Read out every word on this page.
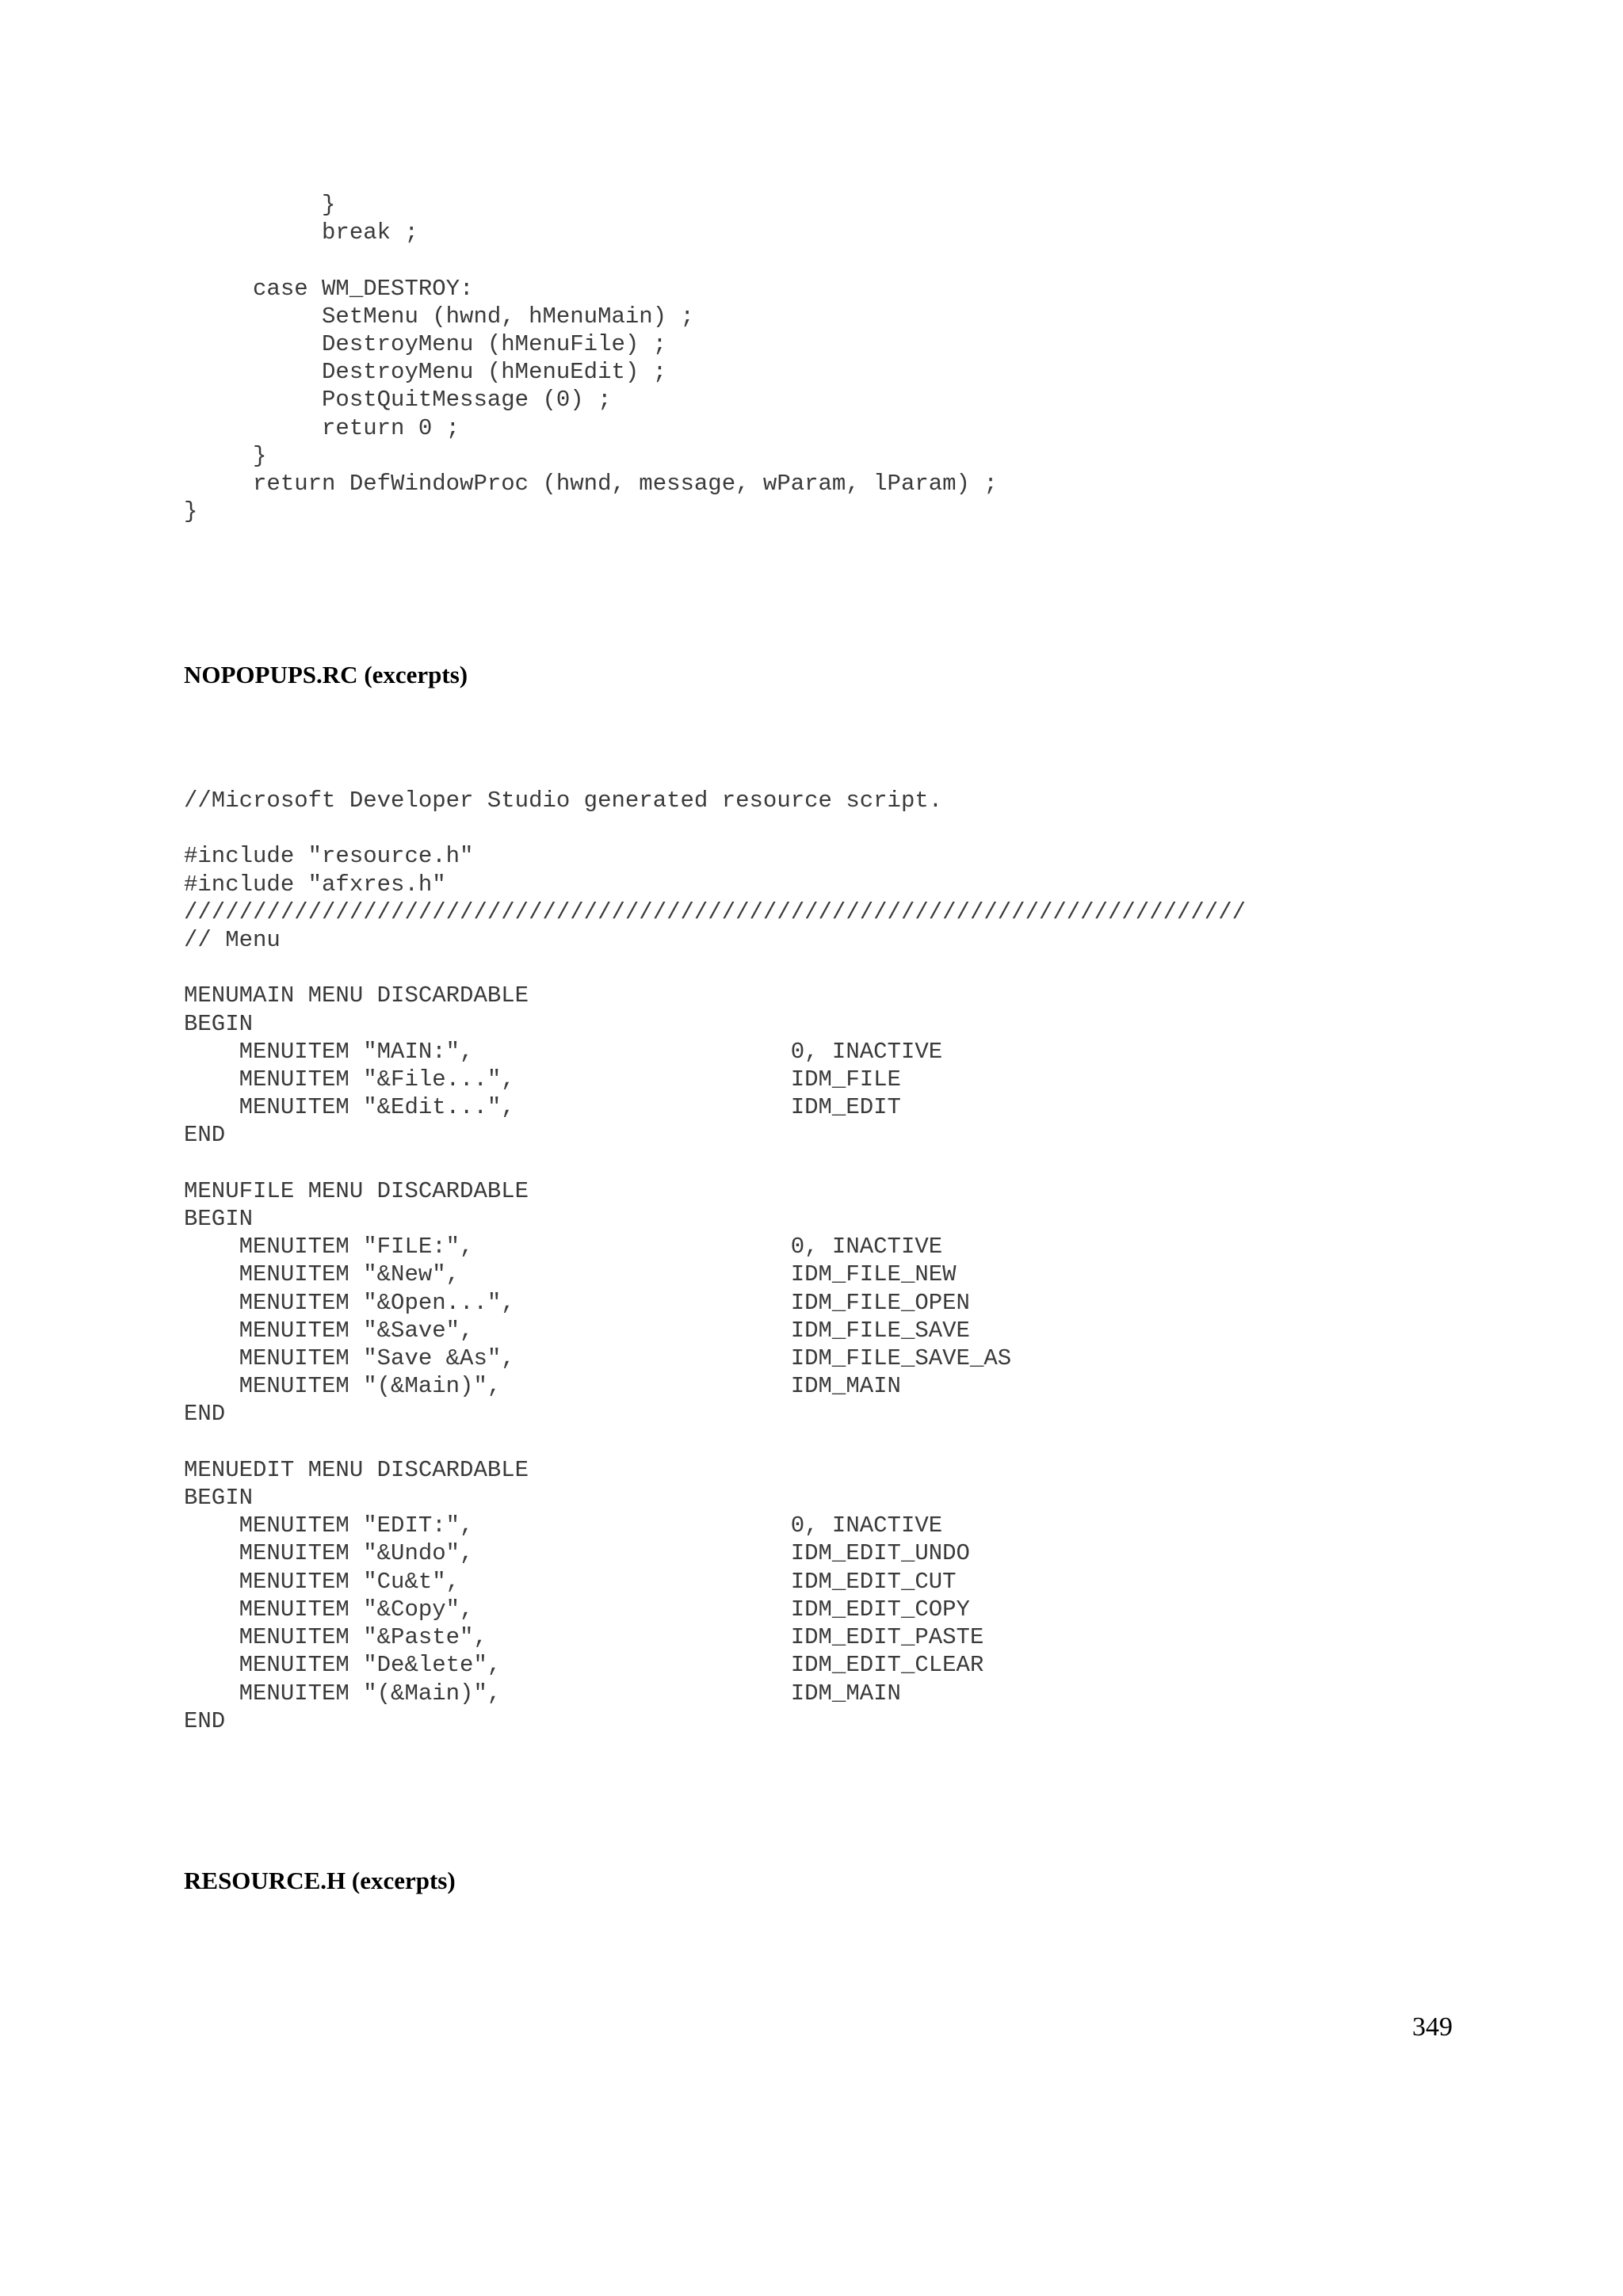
}
break ;

case WM_DESTROY:
SetMenu (hwnd, hMenuMain) ;
DestroyMenu (hMenuFile) ;
DestroyMenu (hMenuEdit) ;
PostQuitMessage (0) ;
return 0 ;
}
return DefWindowProc (hwnd, message, wParam, lParam) ;
}
NOPOPUPS.RC (excerpts)
//Microsoft Developer Studio generated resource script.

#include "resource.h"
#include "afxres.h"
/////////////////////////////////////////////////////////////////////////////
// Menu

MENUMAIN MENU DISCARDABLE
BEGIN
MENUITEM "MAIN:",                       0, INACTIVE
MENUITEM "&File...",                    IDM_FILE
MENUITEM "&Edit...",                    IDM_EDIT
END

MENUFILE MENU DISCARDABLE
BEGIN
MENUITEM "FILE:",                       0, INACTIVE
MENUITEM "&New",                        IDM_FILE_NEW
MENUITEM "&Open...",                    IDM_FILE_OPEN
MENUITEM "&Save",                       IDM_FILE_SAVE
MENUITEM "Save &As",                    IDM_FILE_SAVE_AS
MENUITEM "(&Main)",                     IDM_MAIN
END

MENUEDIT MENU DISCARDABLE
BEGIN
MENUITEM "EDIT:",                       0, INACTIVE
MENUITEM "&Undo",                       IDM_EDIT_UNDO
MENUITEM "Cu&t",                        IDM_EDIT_CUT
MENUITEM "&Copy",                       IDM_EDIT_COPY
MENUITEM "&Paste",                      IDM_EDIT_PASTE
MENUITEM "De&lete",                     IDM_EDIT_CLEAR
MENUITEM "(&Main)",                     IDM_MAIN
END
RESOURCE.H (excerpts)
349
